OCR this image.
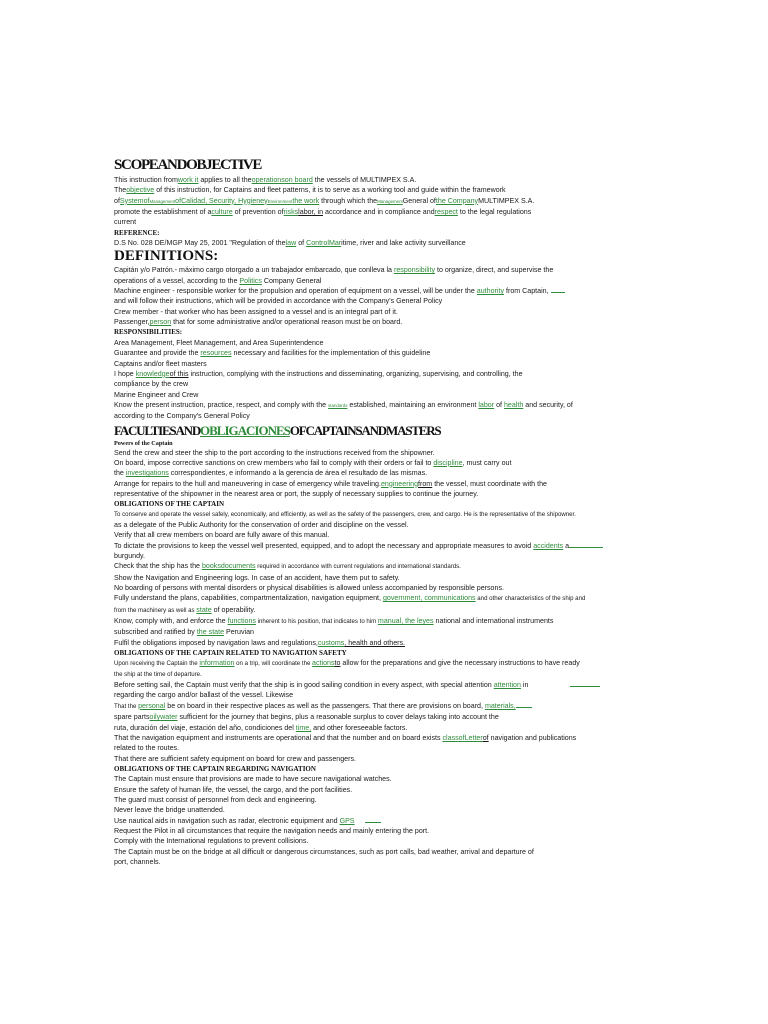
SCOPEANDOBJECTIVE
This instruction fromwork it applies to all theoperationson board the vessels of MULTIMPEX S.A.
Theobjective of this instruction, for Captains and fleet patterns, it is to serve as a working tool and guide within the framework
ofSystemofManagementofCalidad, Security, HygieneyEnvironmentthe work through which theManagementGeneral ofthe CompanyMULTIMPEX S.A.
promote the establishment of aculture of prevention ofriskslabor, in accordance and in compliance andrespect to the legal regulations
current
REFERENCE:
D.S No. 028 DE/MGP May 25, 2001 "Regulation of thelaw of ControlMaritime, river and lake activity surveillance
DEFINITIONS:
Capitán y/o Patrón.- máximo cargo otorgado a un trabajador embarcado, que conlleva la responsibility to organize, direct, and supervise the
operations of a vessel, according to the Politics Company General
Machine engineer - responsible worker for the propulsion and operation of equipment on a vessel, will be under the authority from Captain,
and will follow their instructions, which will be provided in accordance with the Company's General Policy
Crew member - that worker who has been assigned to a vessel and is an integral part of it.
Passenger,person that for some administrative and/or operational reason must be on board.
RESPONSIBILITIES:
Area Management, Fleet Management, and Area Superintendence
Guarantee and provide the resources necessary and facilities for the implementation of this guideline
Captains and/or fleet masters
I hope knowledgeof this instruction, complying with the instructions and disseminating, organizing, supervising, and controlling, the
compliance by the crew
Marine Engineer and Crew
Know the present instruction, practice, respect, and comply with the standards established, maintaining an environment labor of health and security, of
according to the Company's General Policy
FACULTIESANDOBLIGACIONESOFCAPTAINSANDMASTERS
Powers of the Captain
Send the crew and steer the ship to the port according to the instructions received from the shipowner.
On board, impose corrective sanctions on crew members who fail to comply with their orders or fail to discipline, must carry out
the investigations correspondientes, e informando a la gerencia de área el resultado de las mismas.
Arrange for repairs to the hull and maneuvering in case of emergency while traveling.engineeringfrom the vessel, must coordinate with the
representative of the shipowner in the nearest area or port, the supply of necessary supplies to continue the journey.
OBLIGATIONS OF THE CAPTAIN
To conserve and operate the vessel safely, economically, and efficiently, as well as the safety of the passengers, crew, and cargo. He is the representative of the shipowner.
as a delegate of the Public Authority for the conservation of order and discipline on the vessel.
Verify that all crew members on board are fully aware of this manual.
To dictate the provisions to keep the vessel well presented, equipped, and to adopt the necessary and appropriate measures to avoid accidents a
burgundy.
Check that the ship has the booksdocuments required in accordance with current regulations and international standards.
Show the Navigation and Engineering logs. In case of an accident, have them put to safety.
No boarding of persons with mental disorders or physical disabilities is allowed unless accompanied by responsible persons.
Fully understand the plans, capabilities, compartmentalization, navigation equipment, government, communications and other characteristics of the ship and
from the machinery as well as state of operability.
Know, comply with, and enforce the functions inherent to his position, that indicates to him manual, the leyes national and international instruments
subscribed and ratified by the state Peruvian
Fulfil the obligations imposed by navigation laws and regulations,customs, health and others.
OBLIGATIONS OF THE CAPTAIN RELATED TO NAVIGATION SAFETY
Upon receiving the Captain the information on a trip, will coordinate the actionsto allow for the preparations and give the necessary instructions to have ready
the ship at the time of departure.
Before setting sail, the Captain must verify that the ship is in good sailing condition in every aspect, with special attention attention in
regarding the cargo and/or ballast of the vessel. Likewise
That the personal be on board in their respective places as well as the passengers. That there are provisions on board, materials,
spare partsoilywater sufficient for the journey that begins, plus a reasonable surplus to cover delays taking into account the
ruta, duración del viaje, estación del año, condiciones del time, and other foreseeable factors.
That the navigation equipment and instruments are operational and that the number and on board exists classofLetterof navigation and publications
related to the routes.
That there are sufficient safety equipment on board for crew and passengers.
OBLIGATIONS OF THE CAPTAIN REGARDING NAVIGATION
The Captain must ensure that provisions are made to have secure navigational watches.
Ensure the safety of human life, the vessel, the cargo, and the port facilities.
The guard must consist of personnel from deck and engineering.
Never leave the bridge unattended.
Use nautical aids in navigation such as radar, electronic equipment and GPS
Request the Pilot in all circumstances that require the navigation needs and mainly entering the port.
Comply with the International regulations to prevent collisions.
The Captain must be on the bridge at all difficult or dangerous circumstances, such as port calls, bad weather, arrival and departure of
port, channels.
